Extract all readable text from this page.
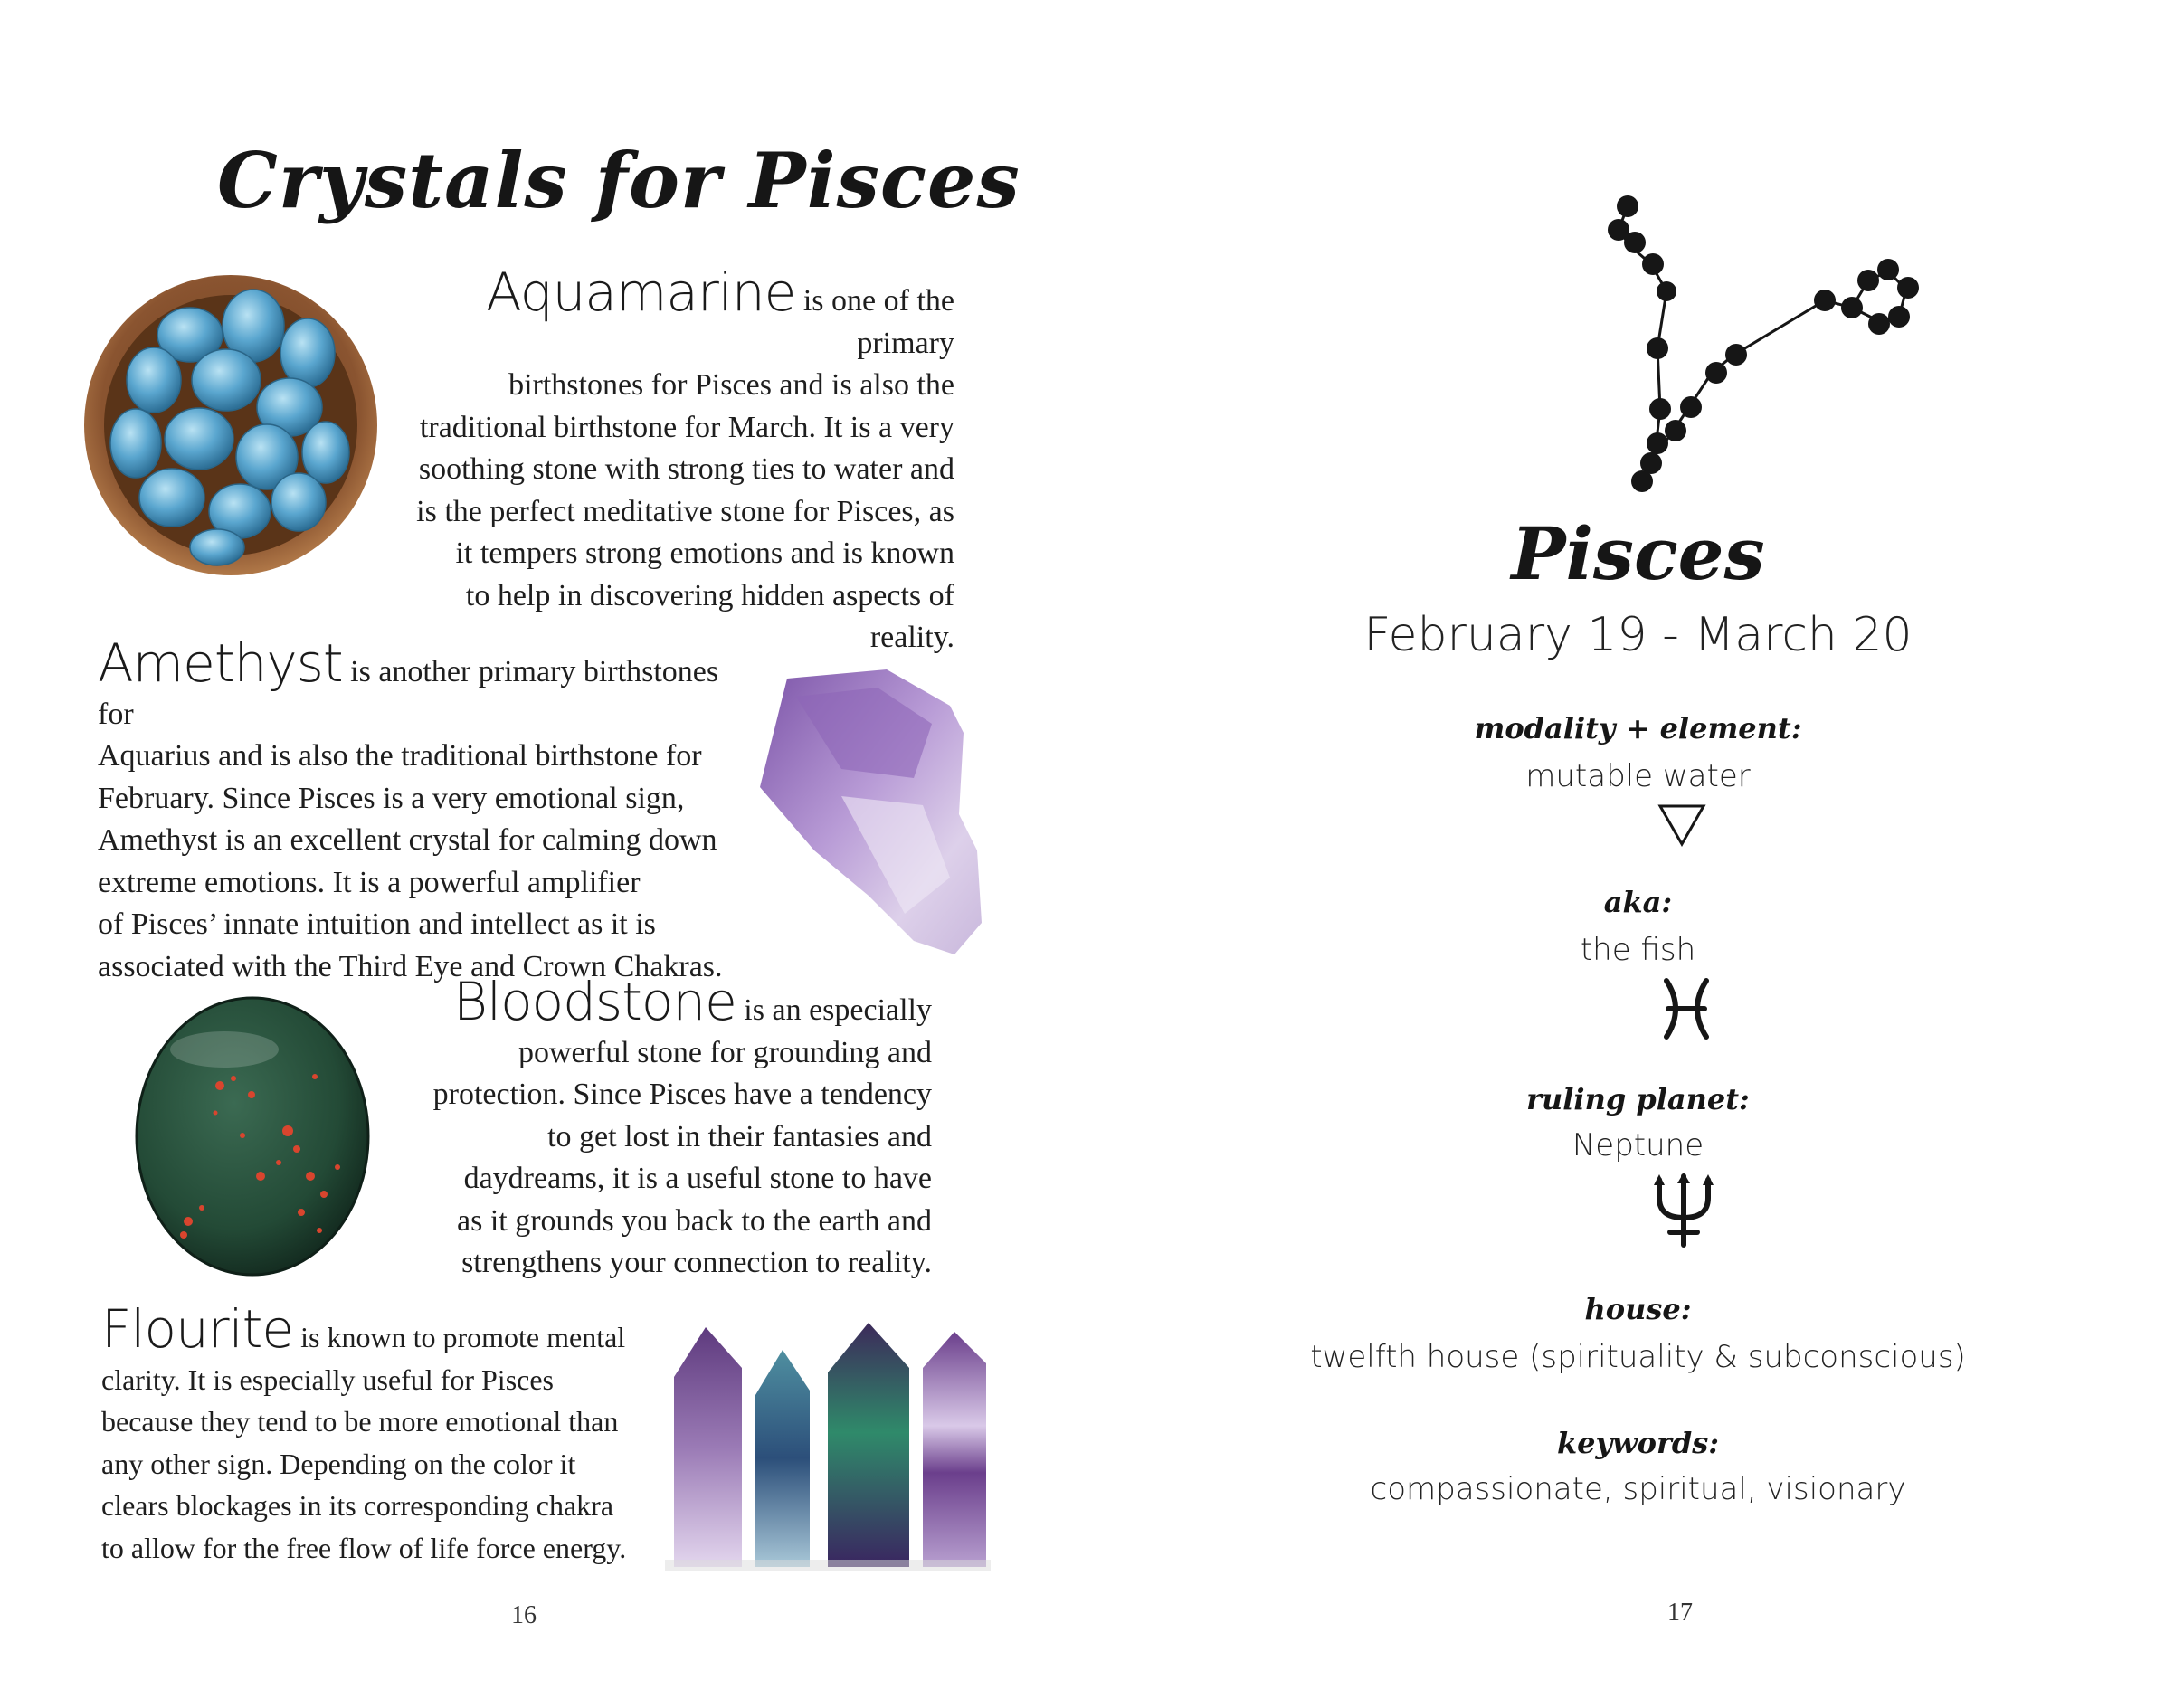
Crystals for Pisces
Aquamarine is one of the primary
birthstones for Pisces and is also the
traditional birthstone for March. It is a very
soothing stone with strong ties to water and
is the perfect meditative stone for Pisces, as
it tempers strong emotions and is known
to help in discovering hidden aspects of
reality.
Amethyst is another primary birthstones for
Aquarius and is also the traditional birthstone for
February. Since Pisces is a very emotional sign,
Amethyst is an excellent crystal for calming down
extreme emotions. It is a powerful amplifier
of Pisces’ innate intuition and intellect as it is
associated with the Third Eye and Crown Chakras.
Bloodstone is an especially
powerful stone for grounding and
protection. Since Pisces have a tendency
to get lost in their fantasies and
daydreams, it is a useful stone to have
as it grounds you back to the earth and
strengthens your connection to reality.
Flourite is known to promote mental
clarity. It is especially useful for Pisces
because they tend to be more emotional than
any other sign. Depending on the color it
clears blockages in its corresponding chakra
to allow for the free flow of life force energy.
16
Pisces
February 19 - March 20
modality + element:
mutable water
aka:
the fish
ruling planet:
Neptune
house:
twelfth house (spirituality & subconscious)
keywords:
compassionate, spiritual, visionary
17
